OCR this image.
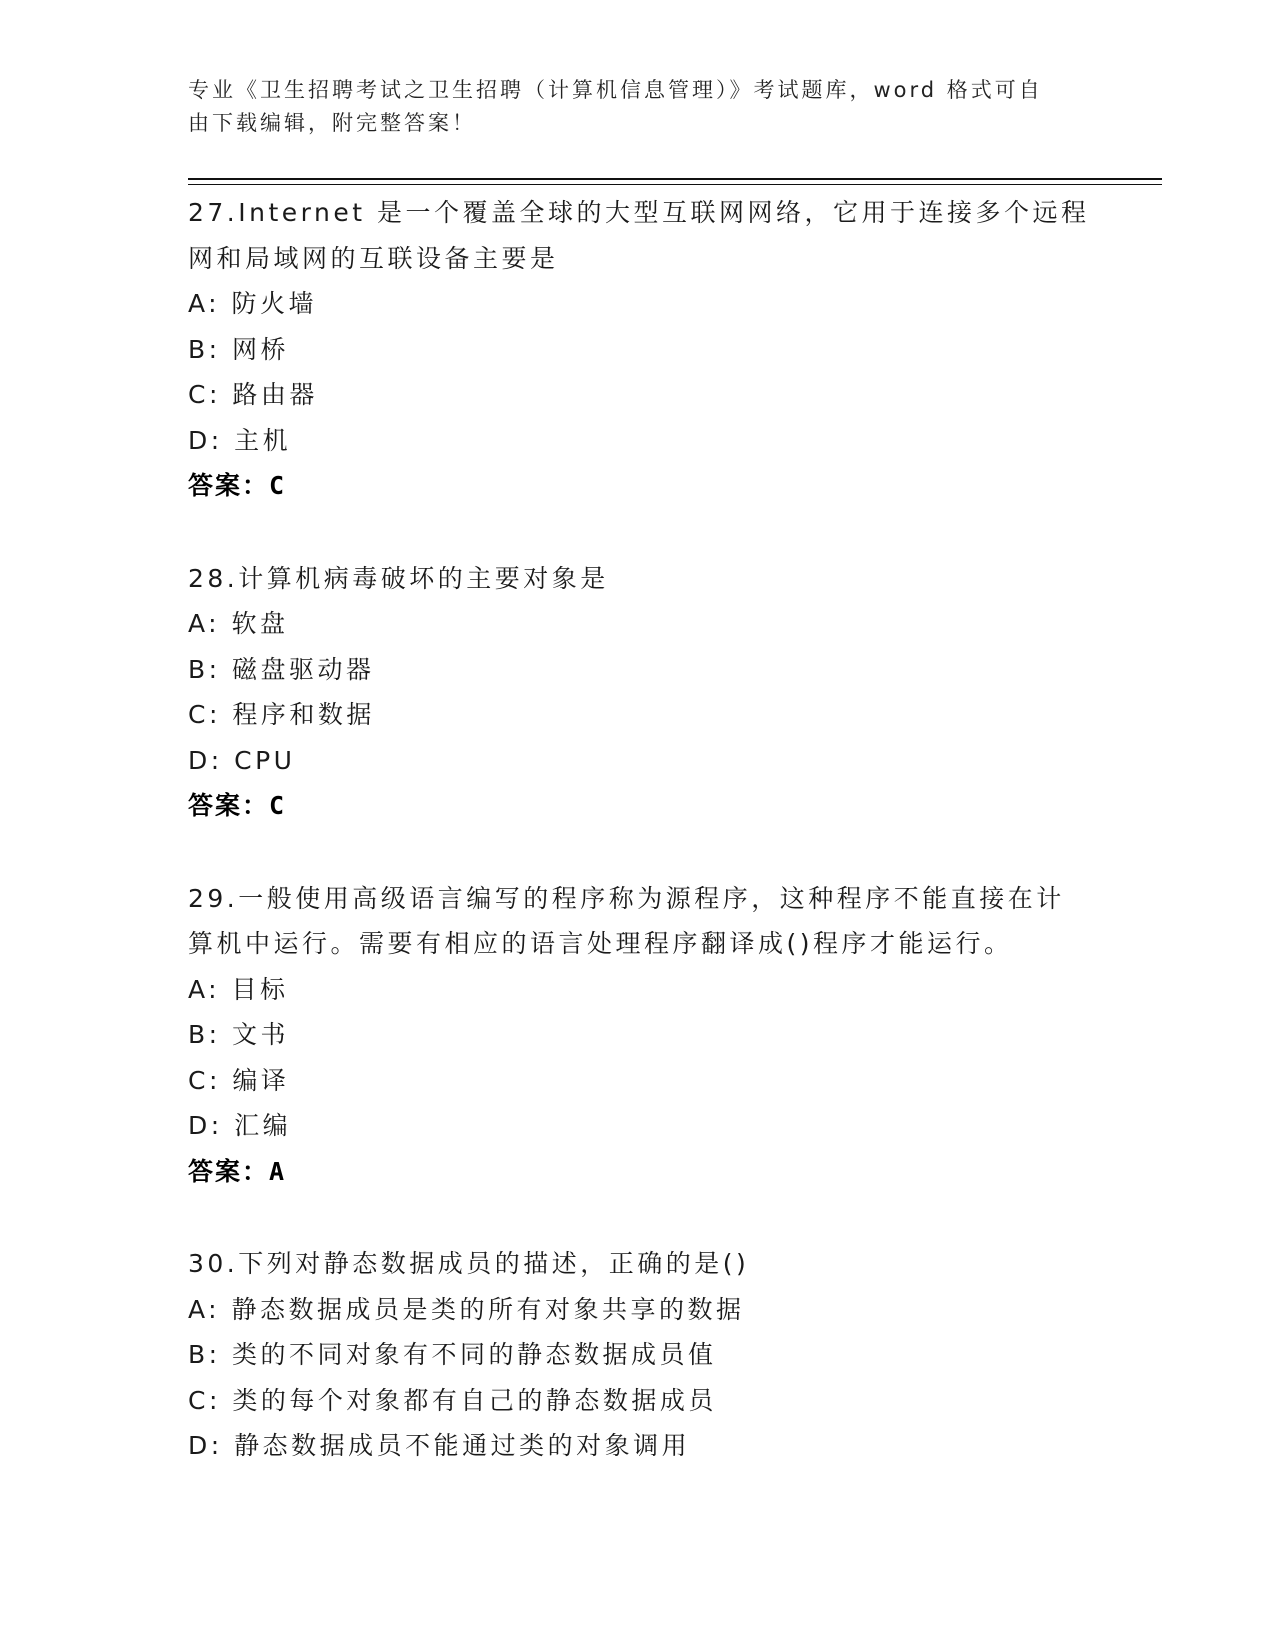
专业《卫生招聘考试之卫生招聘（计算机信息管理）》考试题库，word 格式可自
由下载编辑，附完整答案！
27.Internet 是一个覆盖全球的大型互联网网络，它用于连接多个远程
网和局域网的互联设备主要是
A: 防火墙
B: 网桥
C: 路由器
D: 主机
答案：C
28.计算机病毒破坏的主要对象是
A: 软盘
B: 磁盘驱动器
C: 程序和数据
D: CPU
答案：C
29.一般使用高级语言编写的程序称为源程序，这种程序不能直接在计
算机中运行。需要有相应的语言处理程序翻译成()程序才能运行。
A: 目标
B: 文书
C: 编译
D: 汇编
答案：A
30.下列对静态数据成员的描述，正确的是()
A: 静态数据成员是类的所有对象共享的数据
B: 类的不同对象有不同的静态数据成员值
C: 类的每个对象都有自己的静态数据成员
D: 静态数据成员不能通过类的对象调用
